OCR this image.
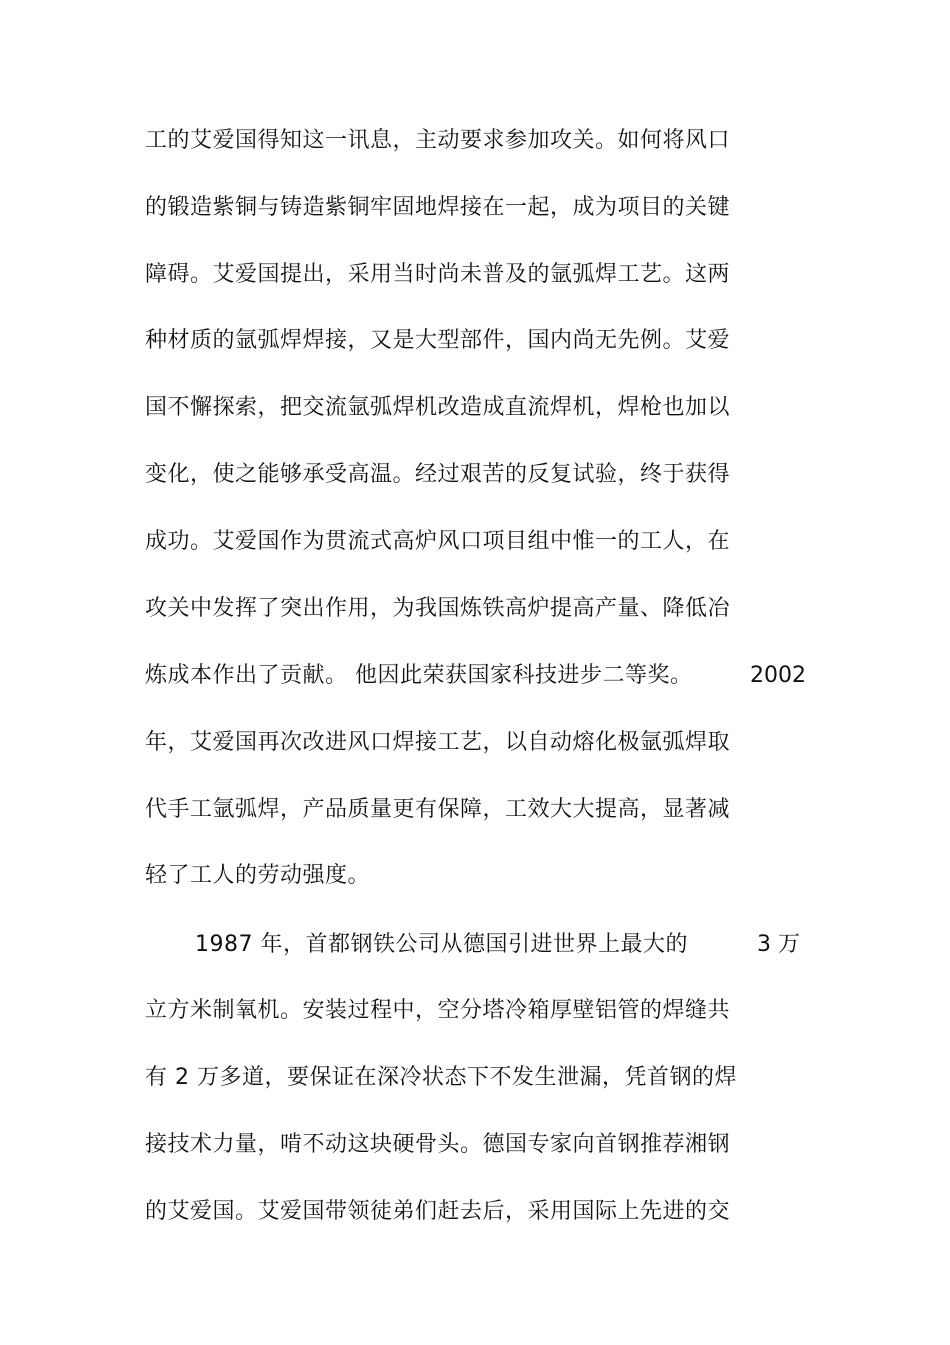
工的艾爱国得知这一讯息，主动要求参加攻关。如何将风口
的锻造紫铜与铸造紫铜牢固地焊接在一起，成为项目的关键
障碍。艾爱国提出，采用当时尚未普及的氩弧焊工艺。这两
种材质的氩弧焊焊接，又是大型部件，国内尚无先例。艾爱
国不懈探索，把交流氩弧焊机改造成直流焊机，焊枪也加以
变化，使之能够承受高温。经过艰苦的反复试验，终于获得
成功。艾爱国作为贯流式高炉风口项目组中惟一的工人，在
攻关中发挥了突出作用，为我国炼铁高炉提高产量、降低冶
炼成本作出了贡献。 他因此荣获国家科技进步二等奖。	2002
年，艾爱国再次改进风口焊接工艺，以自动熔化极氩弧焊取
代手工氩弧焊，产品质量更有保障，工效大大提高，显著减
轻了工人的劳动强度。
1987 年，首都钢铁公司从德国引进世界上最大的	3 万
立方米制氧机。安装过程中，空分塔冷箱厚壁铝管的焊缝共
有 2 万多道，要保证在深冷状态下不发生泄漏，凭首钢的焊
接技术力量，啃不动这块硬骨头。德国专家向首钢推荐湘钢
的艾爱国。艾爱国带领徒弟们赶去后，采用国际上先进的交
